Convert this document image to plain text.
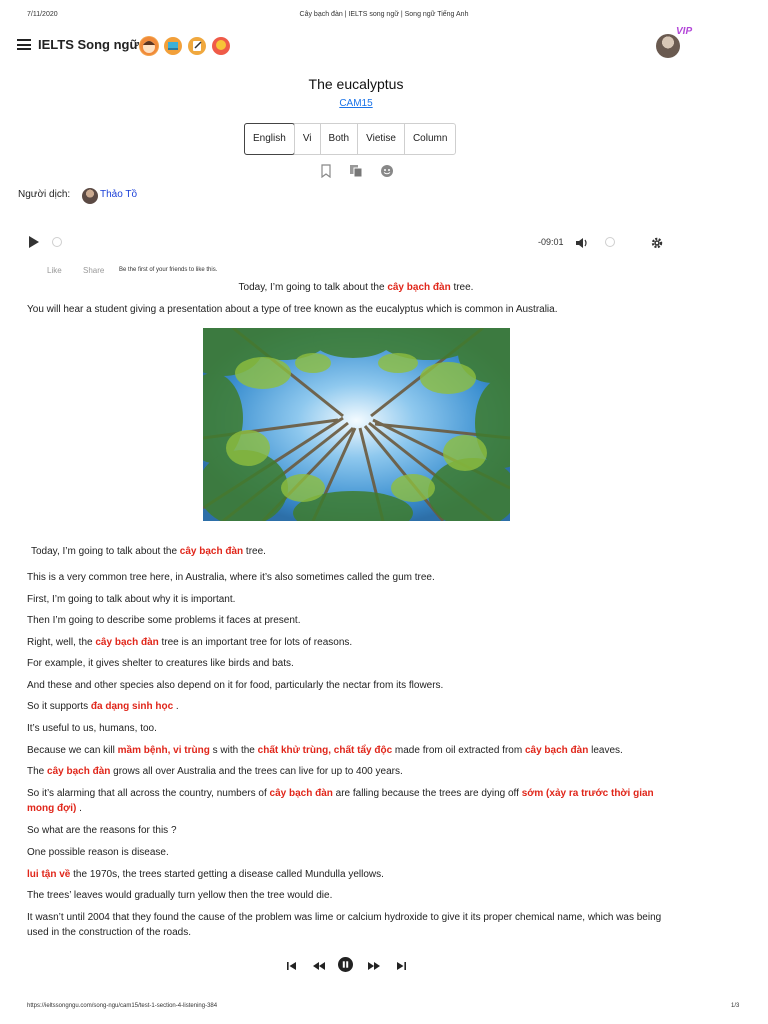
7/11/2020	Cây bạch đàn | IELTS song ngữ | Song ngữ Tiếng Anh
IELTS Song ngữ
VIP
The eucalyptus
CAM15
English	Vi	Both	Vietise	Column
Người dịch:	Thảo Tồ
-09:01
Like	Share Be the first of your friends to like this.
Today, I’m going to talk about the cây bạch đàn tree.
You will hear a student giving a presentation about a type of tree known as the eucalyptus which is common in Australia.
Today, I’m going to talk about the cây bạch đàn tree.
This is a very common tree here, in Australia, where it’s also sometimes called the gum tree.
First, I’m going to talk about why it is important.
Then I’m going to describe some problems it faces at present.
Right, well, the cây bạch đàn tree is an important tree for lots of reasons.
For example, it gives shelter to creatures like birds and bats.
And these and other species also depend on it for food, particularly the nectar from its flowers.
So it supports đa dạng sinh học .
It’s useful to us, humans, too.
Because we can kill mầm bệnh, vi trùng s with the chất khử trùng, chất tẩy độc made from oil extracted from cây bạch đàn leaves.
The cây bạch đàn grows all over Australia and the trees can live for up to 400 years.
So it’s alarming that all across the country, numbers of cây bạch đàn are falling because the trees are dying off sớm (xảy ra trước thời gian mong đợi) .
So what are the reasons for this ?
One possible reason is disease.
lui tận về the 1970s, the trees started getting a disease called Mundulla yellows.
The trees’ leaves would gradually turn yellow then the tree would die.
It wasn’t until 2004 that they found the cause of the problem was lime or calcium hydroxide to give it its proper chemical name, which was being used in the construction of the roads.
https://ieltssongngu.com/song-ngu/cam15/test-1-section-4-listening-384	1/3
